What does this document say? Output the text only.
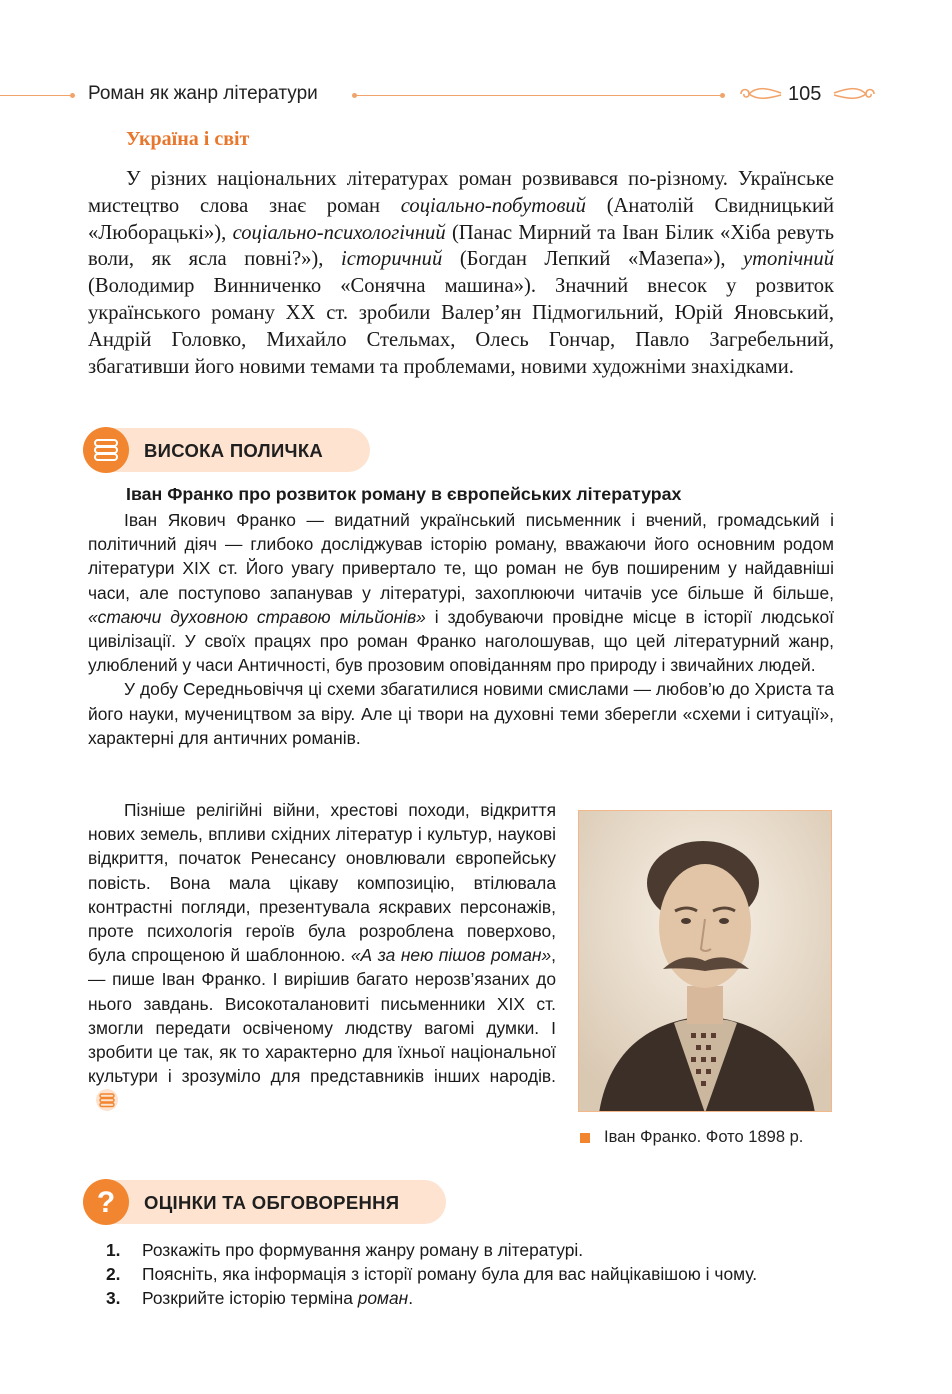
Роман як жанр літератури	105
Україна і світ

У різних національних літературах роман розвивався по-різному. Українське мистецтво слова знає роман соціально-побутовий (Анатолій Свидницький «Люборацькі»), соціально-психологічний (Панас Мирний та Іван Білик «Хіба ревуть воли, як ясла повні?»), історичний (Богдан Лепкий «Мазепа»), утопічний (Володимир Винниченко «Сонячна машина»). Значний внесок у розвиток українського роману XX ст. зробили Валер’ян Підмогильний, Юрій Яновський, Андрій Головко, Михайло Стельмах, Олесь Гончар, Павло Загребельний, збагативши його новими темами та проблемами, новими художніми знахідками.

ВИСОКА ПОЛИЧКА
Іван Франко про розвиток роману в європейських літературах

Іван Якович Франко — видатний український письменник і вчений, громадський і політичний діяч — глибоко досліджував історію роману, вважаючи його основним родом літератури XIX ст. Його увагу привертало те, що роман не був поширеним у найдавніші часи, але поступово запанував у літературі, захоплюючи читачів усе більше й більше, «стаючи духовною стравою мільйонів» і здобуваючи провідне місце в історії людської цивілізації. У своїх працях про роман Франко наголошував, що цей літературний жанр, улюблений у часи Античності, був прозовим оповіданням про природу і звичайних людей.

У добу Середньовіччя ці схеми збагатилися новими смислами — любов’ю до Христа та його науки, мучеництвом за віру. Але ці твори на духовні теми зберегли «схеми і ситуації», характерні для античних романів.

Пізніше релігійні війни, хрестові походи, відкриття нових земель, впливи східних літератур і культур, наукові відкриття, початок Ренесансу оновлювали європейську повість. Вона мала цікаву композицію, втілювала контрастні погляди, презентувала яскравих персонажів, проте психологія героїв була розроблена поверхово, була спрощеною й шаблонною. «А за нею пішов роман», — пише Іван Франко. І вирішив багато нерозв’язаних до нього завдань. Високоталановиті письменники XIX ст. змогли передати освіченому людству вагомі думки. І зробити це так, як то характерно для їхньої національної культури і зрозуміло для представників інших народів.

Іван Франко. Фото 1898 р.
? ОЦІНКИ ТА ОБГОВОРЕННЯ
1.	Розкажіть про формування жанру роману в літературі.
2.	Поясніть, яка інформація з історії роману була для вас найцікавішою і чому.
3.	Розкрийте історію терміна роман.
